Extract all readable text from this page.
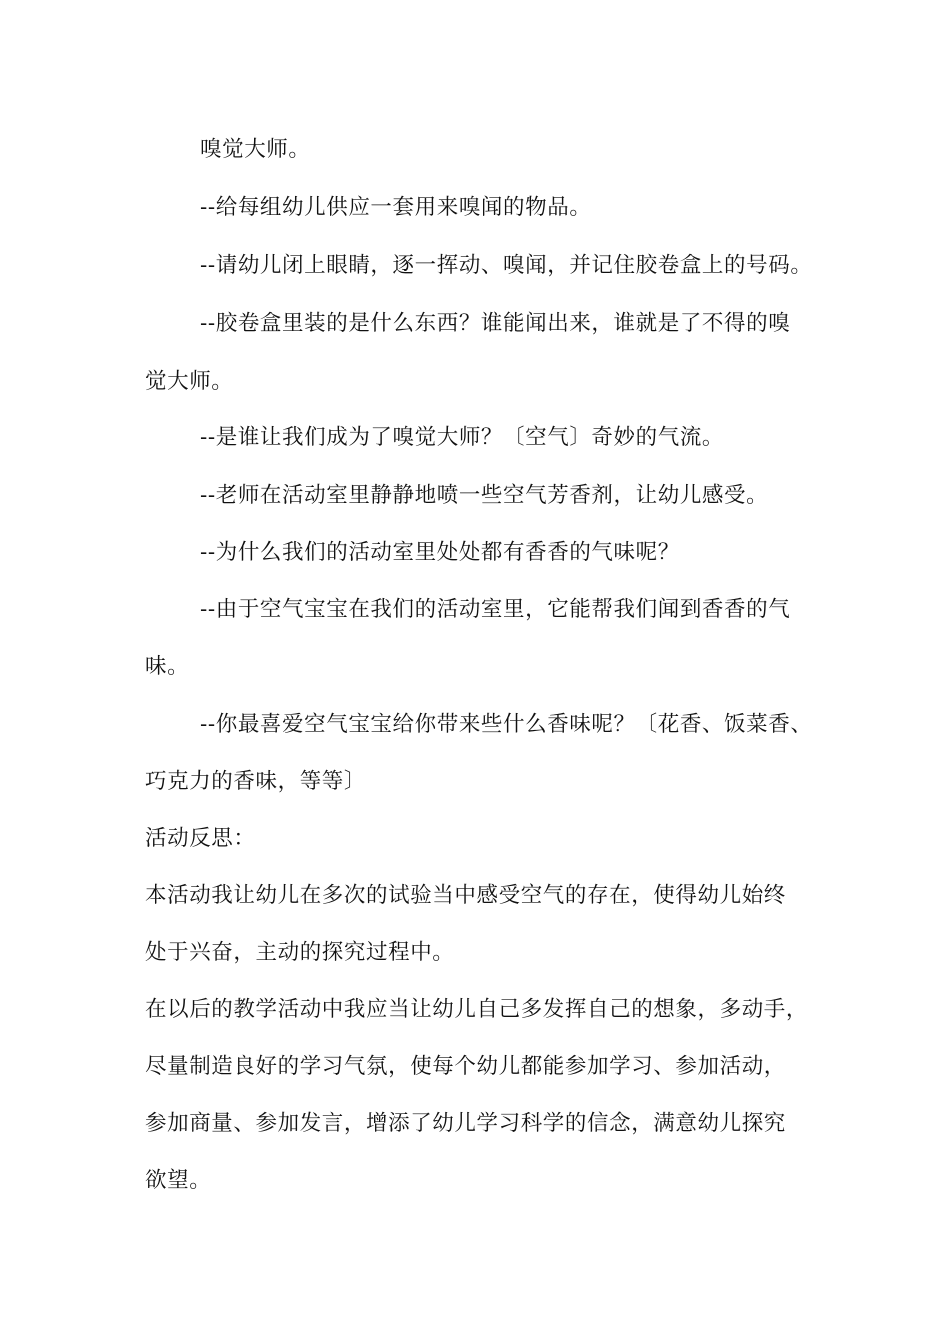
嗅觉大师。
--给每组幼儿供应一套用来嗅闻的物品。
--请幼儿闭上眼睛，逐一挥动、嗅闻，并记住胶卷盒上的号码。
--胶卷盒里装的是什么东西？谁能闻出来，谁就是了不得的嗅
觉大师。
--是谁让我们成为了嗅觉大师？〔空气〕奇妙的气流。
--老师在活动室里静静地喷一些空气芳香剂，让幼儿感受。
--为什么我们的活动室里处处都有香香的气味呢？
--由于空气宝宝在我们的活动室里，它能帮我们闻到香香的气
味。
--你最喜爱空气宝宝给你带来些什么香味呢？〔花香、饭菜香、
巧克力的香味，等等〕
活动反思：
本活动我让幼儿在多次的试验当中感受空气的存在，使得幼儿始终
处于兴奋，主动的探究过程中。
在以后的教学活动中我应当让幼儿自己多发挥自己的想象，多动手，
尽量制造良好的学习气氛，使每个幼儿都能参加学习、参加活动，
参加商量、参加发言，增添了幼儿学习科学的信念，满意幼儿探究
欲望。
